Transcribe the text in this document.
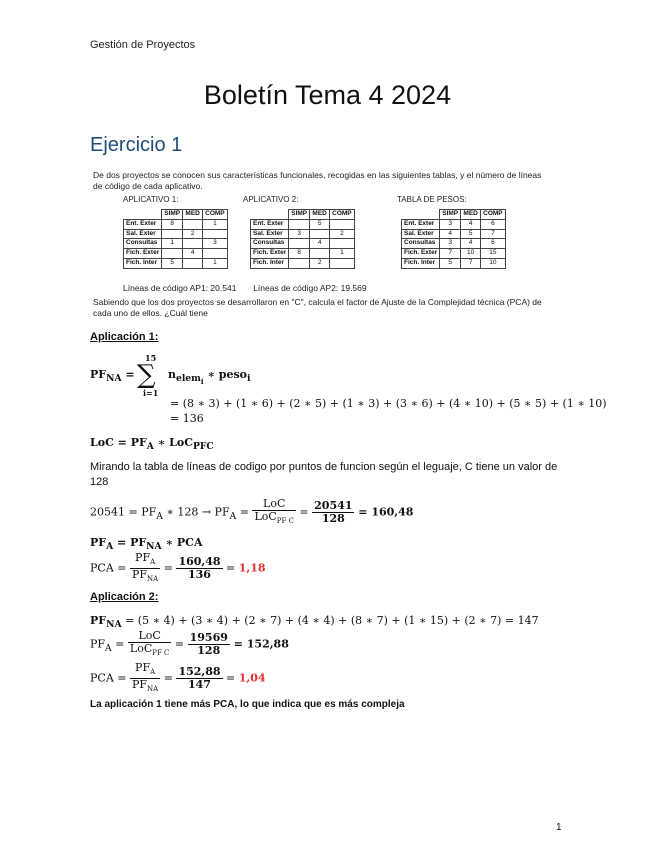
Gestión de Proyectos
Boletín Tema 4 2024
Ejercicio 1
De dos proyectos se conocen sus características funcionales, recogidas en las siguientes tablas, y el número de líneas de código de cada aplicativo.
APLICATIVO 1:	APLICATIVO 2:	TABLA DE PESOS:
	SIMP	MED	COMP
Ent. Exter	8		1
Sal. Exter		2	
Consultas	1		3
Fich. Exter		4	
Fich. Inter	5		1
	SIMP	MED	COMP
Ent. Exter		5	
Sal. Exter	3		2
Consultas		4	
Fich. Exter	8		1
Fich. Inter		2	
	SIMP	MED	COMP
Ent. Exter	3	4	6
Sal. Exter	4	5	7
Consultas	3	4	6
Fich. Exter	7	10	15
Fich. Inter	5	7	10
Líneas de código AP1: 20.541 Líneas de código AP2: 19.569
Sabiendo que los dos proyectos se desarrollaron en "C", calcula el factor de Ajuste de la Complejidad técnica (PCA) de cada uno de ellos. ¿Cuál tiene
Aplicación 1:
$PF_{NA}$ =
15
∑
i=1
$n_{elem_i}$ ∗ peso$_i$
= (8 ∗ 3) + (1 ∗ 6) + (2 ∗ 5) + (1 ∗ 3) + (3 ∗ 6) + (4 ∗ 10) + (5 ∗ 5) + (1 ∗ 10)
= 136
LoC = $PF_A$ ∗ LoC$_{PFC}$
Mirando la tabla de líneas de codigo por puntos de funcion según el leguaje, C tiene un valor de 128
$20541 = PF_A$ ∗ $128 \to PF_A = \frac{\text{LoC}}{LoC_{PF C}} = \frac{20541}{128} = 160,48$
$PF_A = PF_{NA}$ ∗ PCA
PCA = $\frac{PF_A}{PF_{NA}} = \frac{160,48}{136} = 1,18$
Aplicación 2:
$PF_{NA} = (5$ ∗ 4) + (3 ∗ 4) + (2 ∗ 7) + (4 ∗ 4) + (8 ∗ 7) + (1 ∗ 15) + (2 ∗ 7) = 147
$PF_A = \frac{\text{LoC}}{LoC_{PF C}} = \frac{19569}{128} = 152,88$
PCA = $\frac{PF_A}{PF_{NA}} = \frac{152,88}{147} = 1,04$
La aplicación 1 tiene más PCA, lo que indica que es más compleja
1
